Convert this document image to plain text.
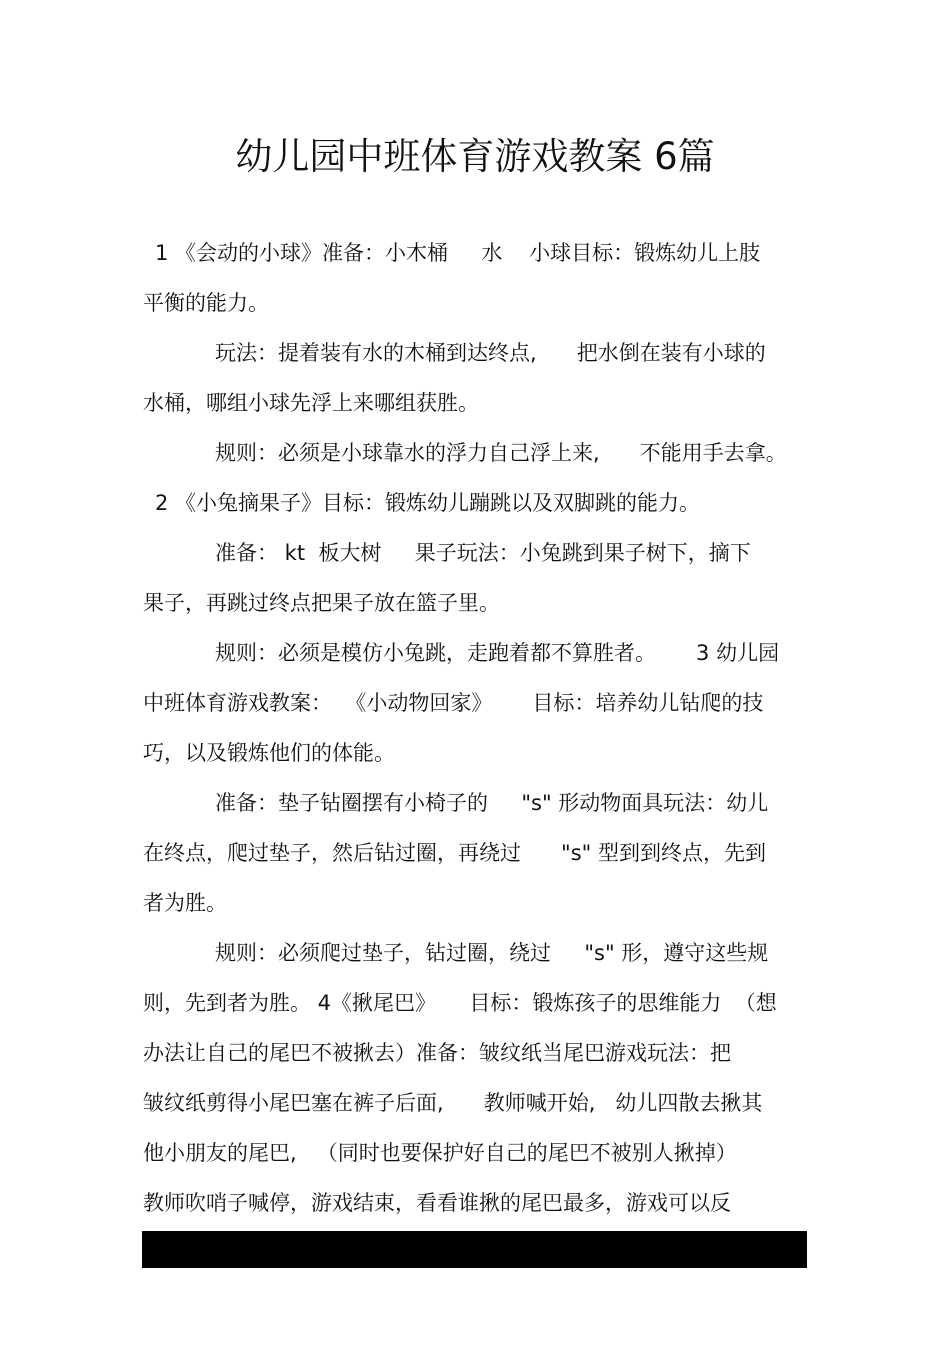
幼儿园中班体育游戏教案 6篇
1 《会动的小球》准备：小木桶     水    小球目标：锻炼幼儿上肢
平衡的能力。
玩法：提着装有水的木桶到达终点,      把水倒在装有小球的
水桶，哪组小球先浮上来哪组获胜。
规则：必须是小球靠水的浮力自己浮上来,      不能用手去拿。
2 《小兔摘果子》目标：锻炼幼儿蹦跳以及双脚跳的能力。
准备： kt  板大树     果子玩法：小兔跳到果子树下，摘下
果子，再跳过终点把果子放在篮子里。
规则：必须是模仿小兔跳，走跑着都不算胜者。      3 幼儿园
中班体育游戏教案：  《小动物回家》      目标：培养幼儿钻爬的技
巧，以及锻炼他们的体能。
准备：垫子钻圈摆有小椅子的     "s" 形动物面具玩法：幼儿
在终点，爬过垫子，然后钻过圈，再绕过      "s" 型到到终点，先到
者为胜。
规则：必须爬过垫子，钻过圈，绕过     "s" 形，遵守这些规
则，先到者为胜。 4《揪尾巴》     目标：锻炼孩子的思维能力  （想
办法让自己的尾巴不被揪去）准备：皱纹纸当尾巴游戏玩法：把
皱纹纸剪得小尾巴塞在裤子后面,      教师喊开始,   幼儿四散去揪其
他小朋友的尾巴,   （同时也要保护好自己的尾巴不被别人揪掉）
教师吹哨子喊停，游戏结束，看看谁揪的尾巴最多，游戏可以反
